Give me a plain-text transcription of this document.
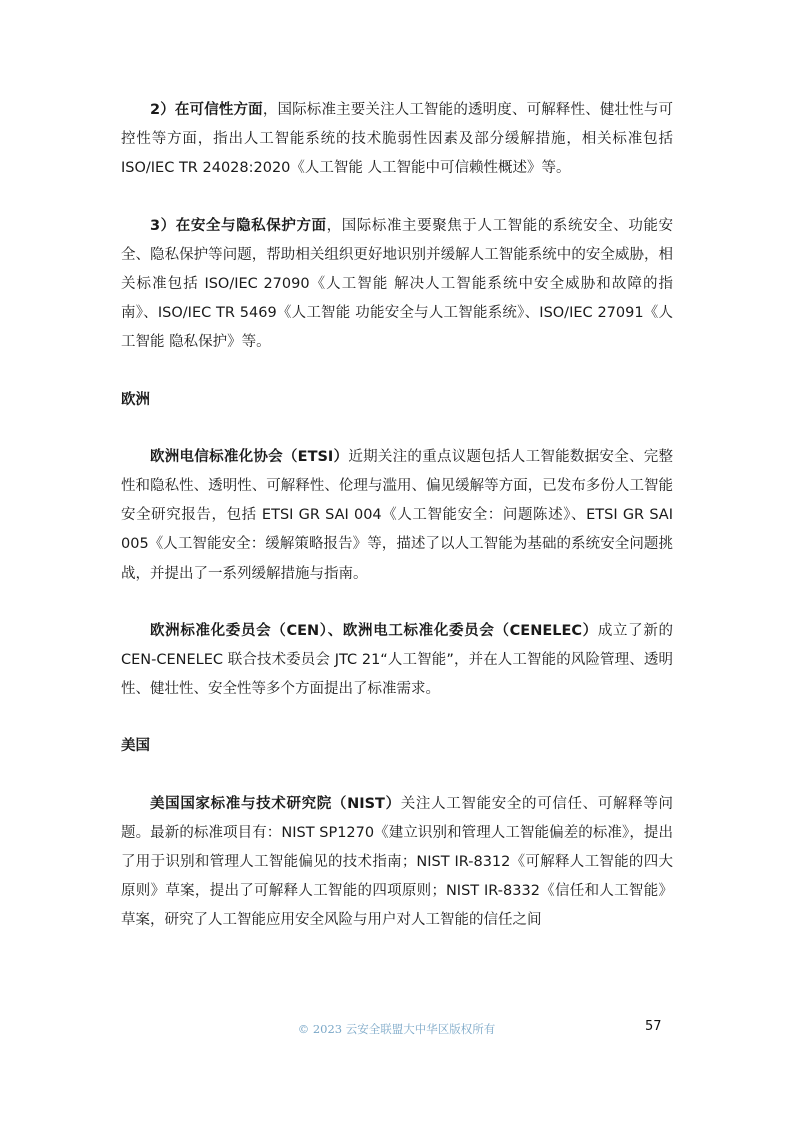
2）在可信性方面，国际标准主要关注人工智能的透明度、可解释性、健壮性与可控性等方面，指出人工智能系统的技术脆弱性因素及部分缓解措施，相关标准包括 ISO/IEC TR 24028:2020《人工智能 人工智能中可信赖性概述》等。

3）在安全与隐私保护方面，国际标准主要聚焦于人工智能的系统安全、功能安全、隐私保护等问题，帮助相关组织更好地识别并缓解人工智能系统中的安全威胁，相关标准包括 ISO/IEC 27090《人工智能 解决人工智能系统中安全威胁和故障的指南》、ISO/IEC TR 5469《人工智能 功能安全与人工智能系统》、ISO/IEC 27091《人工智能 隐私保护》等。

欧洲

欧洲电信标准化协会（ETSI）近期关注的重点议题包括人工智能数据安全、完整性和隐私性、透明性、可解释性、伦理与滥用、偏见缓解等方面，已发布多份人工智能安全研究报告，包括 ETSI GR SAI 004《人工智能安全：问题陈述》、ETSI GR SAI 005《人工智能安全：缓解策略报告》等，描述了以人工智能为基础的系统安全问题挑战，并提出了一系列缓解措施与指南。

欧洲标准化委员会（CEN）、欧洲电工标准化委员会（CENELEC）成立了新的CEN-CENELEC 联合技术委员会 JTC 21“人工智能”，并在人工智能的风险管理、透明性、健壮性、安全性等多个方面提出了标准需求。

美国

美国国家标准与技术研究院（NIST）关注人工智能安全的可信任、可解释等问题。最新的标准项目有：NIST SP1270《建立识别和管理人工智能偏差的标准》，提出了用于识别和管理人工智能偏见的技术指南；NIST IR-8312《可解释人工智能的四大原则》草案，提出了可解释人工智能的四项原则；NIST IR-8332《信任和人工智能》草案，研究了人工智能应用安全风险与用户对人工智能的信任之间

© 2023 云安全联盟大中华区版权所有	57
